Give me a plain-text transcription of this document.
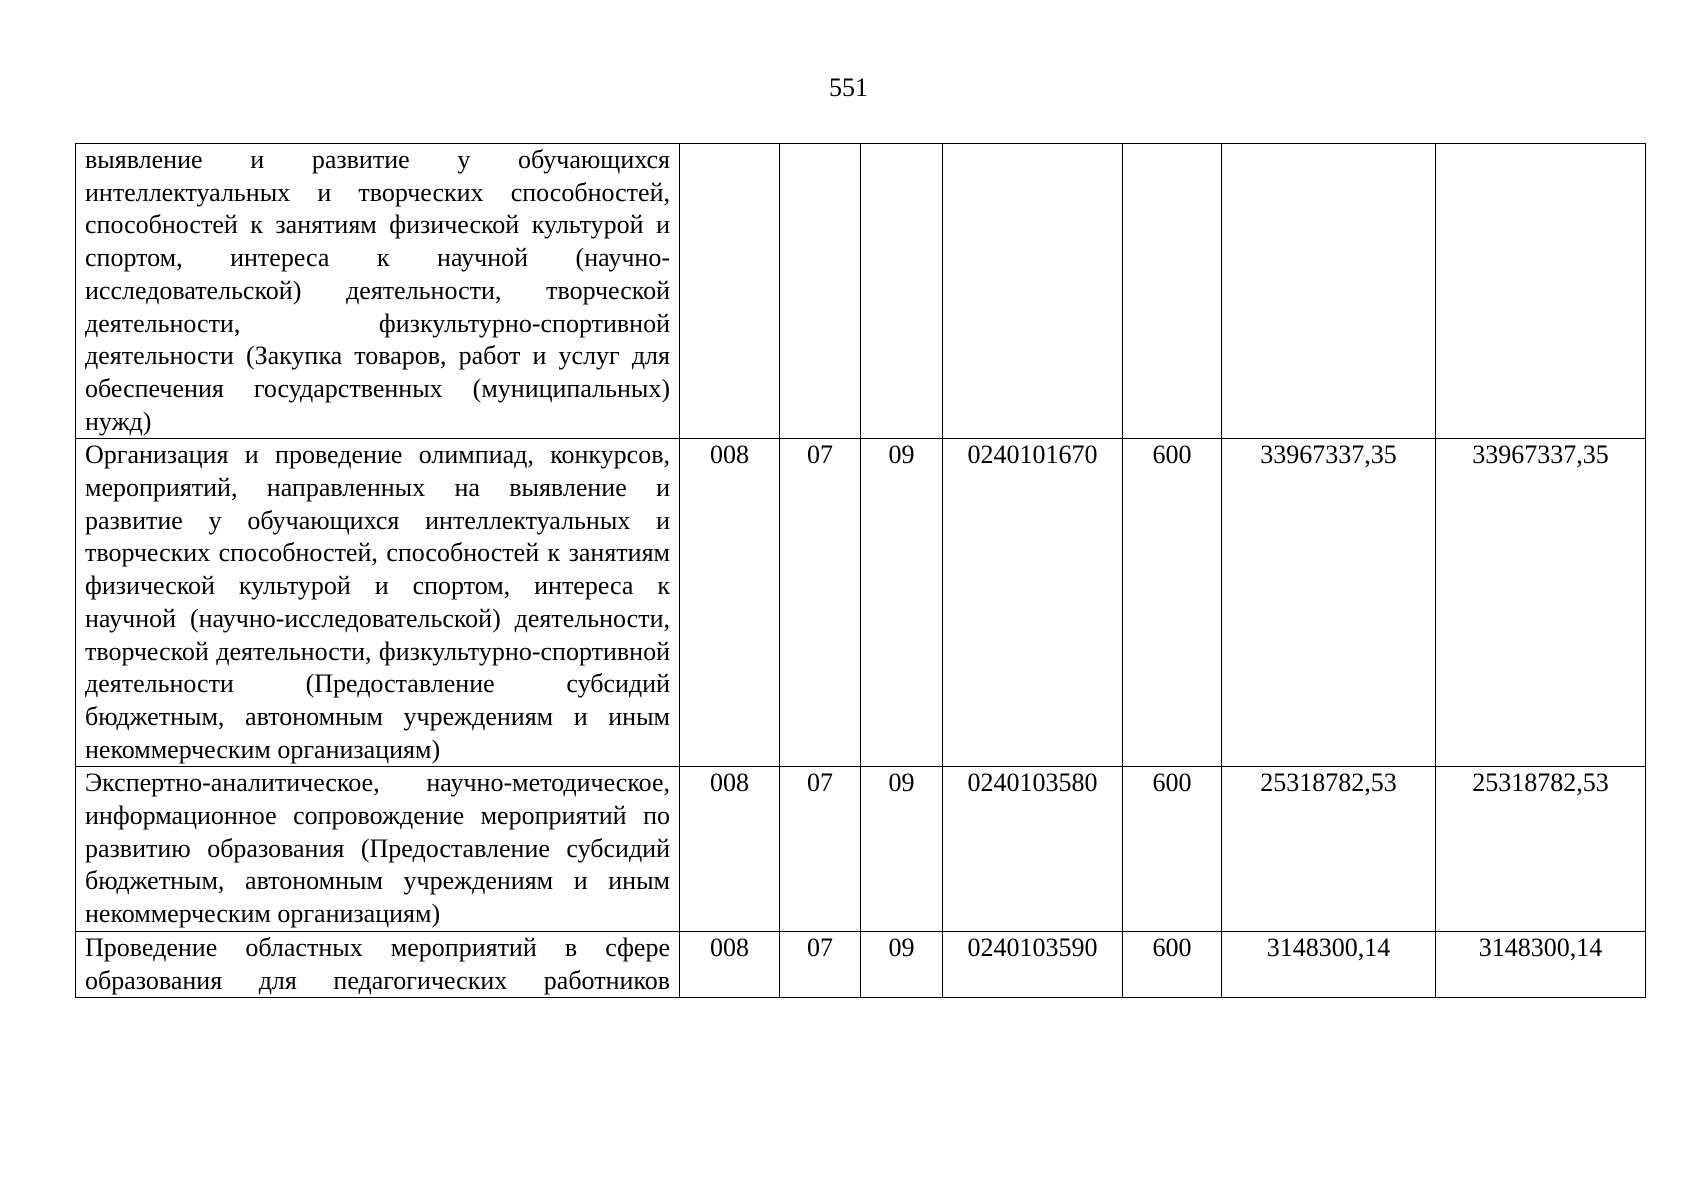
551
выявление и развитие у обучающихся интеллектуальных и творческих способностей, способностей к занятиям физической культурой и спортом, интереса к научной (научно-исследовательской) деятельности, творческой деятельности, физкультурно-спортивной деятельности (Закупка товаров, работ и услуг для обеспечения государственных (муниципальных) нужд)							
Организация и проведение олимпиад, конкурсов, мероприятий, направленных на выявление и развитие у обучающихся интеллектуальных и творческих способностей, способностей к занятиям физической культурой и спортом, интереса к научной (научно-исследовательской) деятельности, творческой деятельности, физкультурно-спортивной деятельности (Предоставление субсидий бюджетным, автономным учреждениям и иным некоммерческим организациям)	008	07	09	0240101670	600	33967337,35	33967337,35
Экспертно-аналитическое, научно-методическое, информационное сопровождение мероприятий по развитию образования (Предоставление субсидий бюджетным, автономным учреждениям и иным некоммерческим организациям)	008	07	09	0240103580	600	25318782,53	25318782,53
Проведение областных мероприятий в сфере образования для педагогических работников	008	07	09	0240103590	600	3148300,14	3148300,14
